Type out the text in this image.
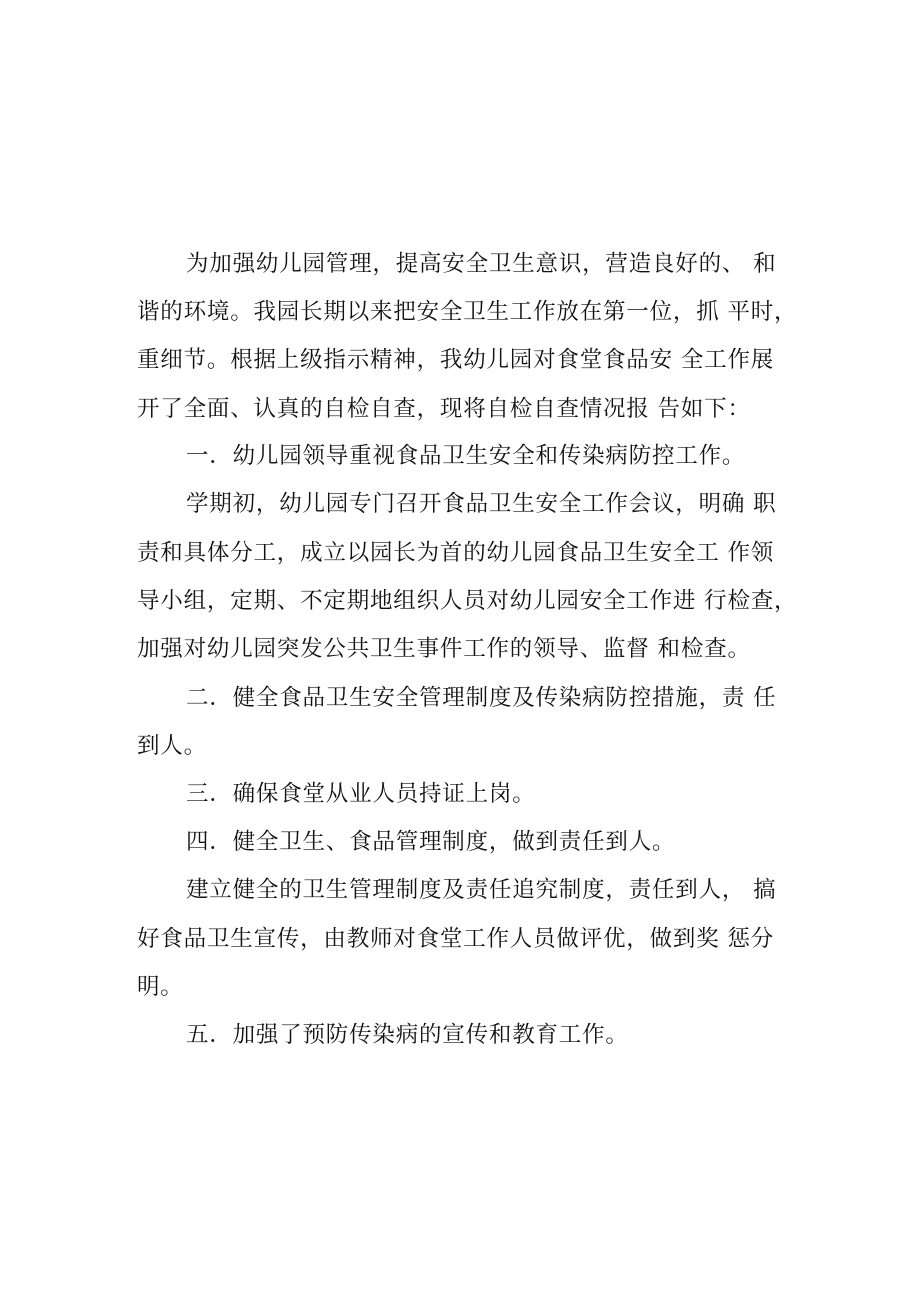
为加强幼儿园管理，提高安全卫生意识，营造良好的、 和

谐的环境。我园长期以来把安全卫生工作放在第一位，抓 平时，

重细节。根据上级指示精神，我幼儿园对食堂食品安 全工作展

开了全面、认真的自检自查，现将自检自查情况报 告如下：

一．幼儿园领导重视食品卫生安全和传染病防控工作。

学期初，幼儿园专门召开食品卫生安全工作会议，明确 职

责和具体分工，成立以园长为首的幼儿园食品卫生安全工 作领

导小组，定期、不定期地组织人员对幼儿园安全工作进 行检查，

加强对幼儿园突发公共卫生事件工作的领导、监督 和检查。

二．健全食品卫生安全管理制度及传染病防控措施，责 任

到人。

三．确保食堂从业人员持证上岗。

四．健全卫生、食品管理制度，做到责任到人。

建立健全的卫生管理制度及责任追究制度，责任到人， 搞

好食品卫生宣传，由教师对食堂工作人员做评优，做到奖 惩分

明。

五．加强了预防传染病的宣传和教育工作。
